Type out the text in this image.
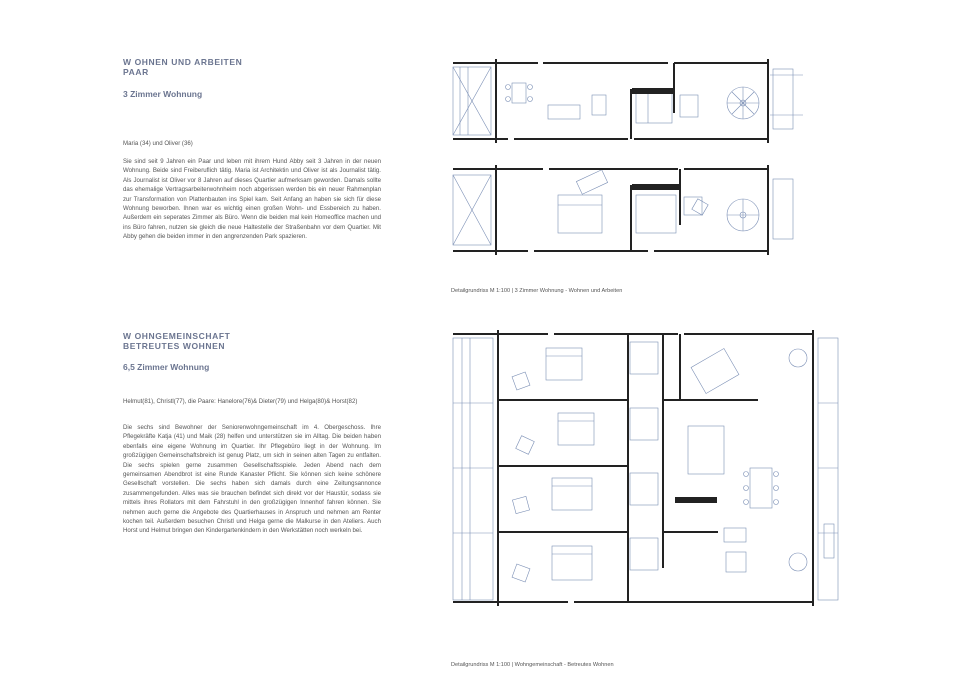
W OHNEN UND ARBEITEN
PAAR
3 Zimmer Wohnung

Maria (34) und Oliver (36)

Sie sind seit 9 Jahren ein Paar und leben mit ihrem Hund Abby seit 3 Jahren in der neuen Wohnung. Beide sind Freiberuflich tätig. Maria ist Architektin und Oliver ist als Journalist tätig. Als Journalist ist Oliver vor 8 Jahren auf dieses Quartier aufmerksam geworden. Damals sollte das ehemalige Vertragsarbeiterwohnheim noch abgerissen werden bis ein neuer Rahmenplan zur Transformation von Plattenbauten ins Spiel kam. Seit Anfang an haben sie sich für diese Wohnung beworben. Ihnen war es wichtig einen großen Wohn- und Essbereich zu haben. Außerdem ein seperates Zimmer als Büro. Wenn die beiden mal kein Homeoffice machen und ins Büro fahren, nutzen sie gleich die neue Haltestelle der Straßenbahn vor dem Quartier. Mit Abby gehen die beiden immer in den angrenzenden Park spazieren.

W OHNGEMEINSCHAFT
BETREUTES WOHNEN
6,5 Zimmer Wohnung

Helmut(81), Christl(77), die Paare: Hanelore(76)& Dieter(79) und Helga(80)& Horst(82)

Die sechs sind Bewohner der Seniorenwohngemeinschaft im 4. Obergeschoss. Ihre Pflegekräfte Katja (41) und Maik (28) helfen und unterstützen sie im Alltag. Die beiden haben ebenfalls eine eigene Wohnung im Quartier. Ihr Pflegebüro liegt in der Wohnung. Im großzügigen Gemeinschaftsbreich ist genug Platz, um sich in seinen alten Tagen zu entfalten. Die sechs spielen gerne zusammen Gesellschaftsspiele. Jeden Abend nach dem gemeinsamen Abendbrot ist eine Runde Kanaster Pflicht. Sie können sich keine schönere Gesellschaft vorstellen. Die sechs haben sich damals durch eine Zeitungsannonce zusammengefunden. Alles was sie brauchen befindet sich direkt vor der Haustür, sodass sie mittels ihres Rollators mit dem Fahrstuhl in den großzügigen Innenhof fahren können. Sie nehmen auch gerne die Angebote des Quartierhauses in Anspruch und nehmen am Renter kochen teil. Außerdem besuchen Christl und Helga gerne die Malkurse in den Ateliers. Auch Horst und Helmut bringen den Kindergartenkindern in den Werkstätten noch werkeln bei.

Detailgrundriss M 1:100 | 3 Zimmer Wohnung - Wohnen und Arbeiten
Detailgrundriss M 1:100 | Wohngemeinschaft - Betreutes Wohnen
